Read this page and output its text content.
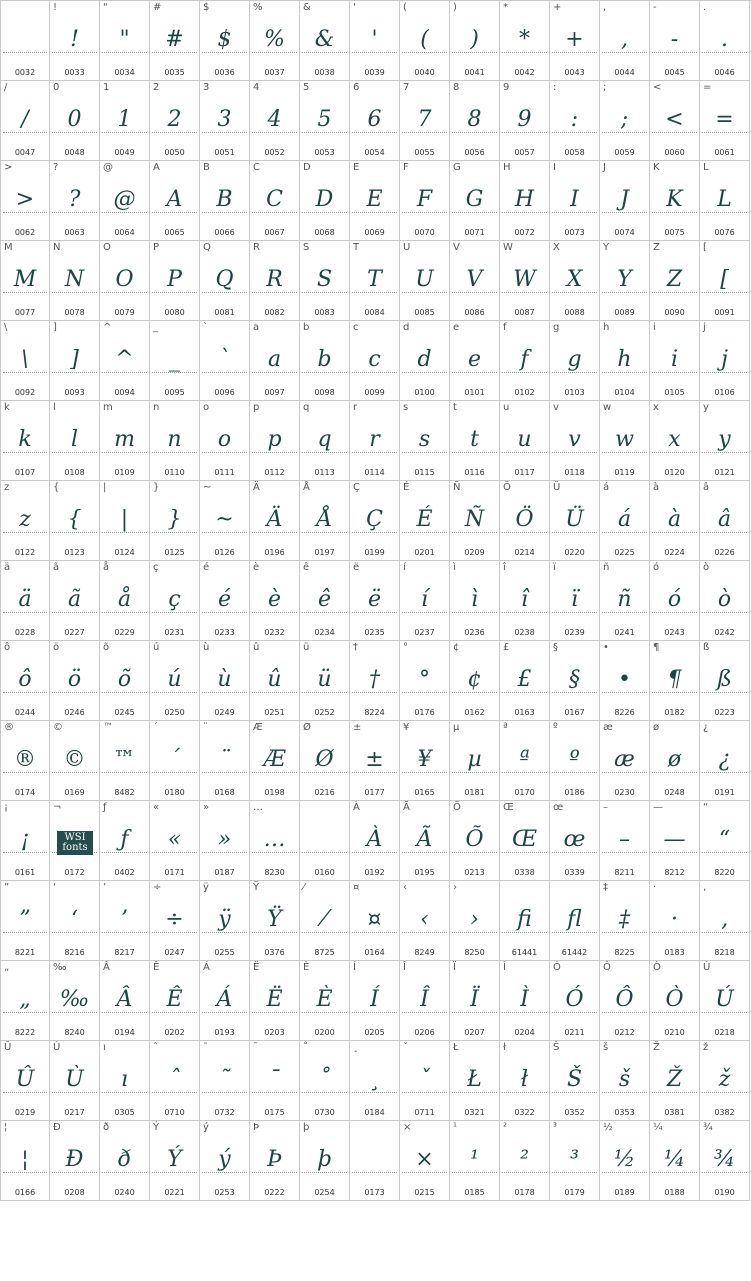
0032
!
!
0033
"
"
0034
#
#
0035
$
$
0036
%
%
0037
&
&
0038
'
'
0039
(
(
0040
)
)
0041
*
*
0042
+
+
0043
,
,
0044
-
-
0045
.
.
0046
/
/
0047
0
0
0048
1
1
0049
2
2
0050
3
3
0051
4
4
0052
5
5
0053
6
6
0054
7
7
0055
8
8
0056
9
9
0057
:
:
0058
;
;
0059
<
<
0060
=
=
0061
>
>
0062
?
?
0063
@
@
0064
A
A
0065
B
B
0066
C
C
0067
D
D
0068
E
E
0069
F
F
0070
G
G
0071
H
H
0072
I
I
0073
J
J
0074
K
K
0075
L
L
0076
M
M
0077
N
N
0078
O
O
0079
P
P
0080
Q
Q
0081
R
R
0082
S
S
0083
T
T
0084
U
U
0085
V
V
0086
W
W
0087
X
X
0088
Y
Y
0089
Z
Z
0090
[
[
0091
\
\
0092
]
]
0093
^
^
0094
_
_
0095
`
`
0096
a
a
0097
b
b
0098
c
c
0099
d
d
0100
e
e
0101
f
f
0102
g
g
0103
h
h
0104
i
i
0105
j
j
0106
k
k
0107
l
l
0108
m
m
0109
n
n
0110
o
o
0111
p
p
0112
q
q
0113
r
r
0114
s
s
0115
t
t
0116
u
u
0117
v
v
0118
w
w
0119
x
x
0120
y
y
0121
z
z
0122
{
{
0123
|
|
0124
}
}
0125
~
~
0126
Ä
Ä
0196
Å
Å
0197
Ç
Ç
0199
É
É
0201
Ñ
Ñ
0209
Ö
Ö
0214
Ü
Ü
0220
á
á
0225
à
à
0224
â
â
0226
ä
ä
0228
ã
ã
0227
å
å
0229
ç
ç
0231
é
é
0233
è
è
0232
ê
ê
0234
ë
ë
0235
í
í
0237
ì
ì
0236
î
î
0238
ï
ï
0239
ñ
ñ
0241
ó
ó
0243
ò
ò
0242
ô
ô
0244
ö
ö
0246
õ
õ
0245
ú
ú
0250
ù
ù
0249
û
û
0251
ü
ü
0252
†
†
8224
°
°
0176
¢
¢
0162
£
£
0163
§
§
0167
•
•
8226
¶
¶
0182
ß
ß
0223
®
®
0174
©
©
0169
™
™
8482
´
´
0180
¨
¨
0168
Æ
Æ
0198
Ø
Ø
0216
±
±
0177
¥
¥
0165
µ
µ
0181
ª
ª
0170
º
º
0186
æ
æ
0230
ø
ø
0248
¿
¿
0191
¡
¡
0161
¬
WSI
fonts
0172
ƒ
ƒ
0402
«
«
0171
»
»
0187
…
…
8230	0160
À
À
0192
Ã
Ã
0195
Õ
Õ
0213
Œ
Œ
0338
œ
œ
0339
–
–
8211
—
—
8212
“
“
8220
”
”
8221
‘
‘
8216
’
’
8217
÷
÷
0247
ÿ
ÿ
0255
Ÿ
Ÿ
0376
⁄
⁄
8725
¤
¤
0164
‹
‹
8249
›
›
8250
fi
61441
fl
61442
‡
‡
8225
·
·
0183
‚
‚
8218
„
„
8222
‰
‰
8240
Â
Â
0194
Ê
Ê
0202
Á
Á
0193
Ë
Ë
0203
È
È
0200
Í
Í
0205
Î
Î
0206
Ï
Ï
0207
Ì
Ì
0204
Ó
Ó
0211
Ô
Ô
0212
Ò
Ò
0210
Ú
Ú
0218
Û
Û
0219
Ù
Ù
0217
ı
ı
0305
ˆ
ˆ
0710
˜
˜
0732
¯
¯
0175
˚
˚
0730
¸
¸
0184
ˇ
ˇ
0711
Ł
Ł
0321
ł
ł
0322
Š
Š
0352
š
š
0353
Ž
Ž
0381
ž
ž
0382
¦
¦
0166
Ð
Ð
0208
ð
ð
0240
Ý
Ý
0221
ý
ý
0253
Þ
Þ
0222
þ
þ
0254	0173
×
×
0215
¹
¹
0185
²
²
0178
³
³
0179
½
½
0189
¼
¼
0188
¾
¾
0190
